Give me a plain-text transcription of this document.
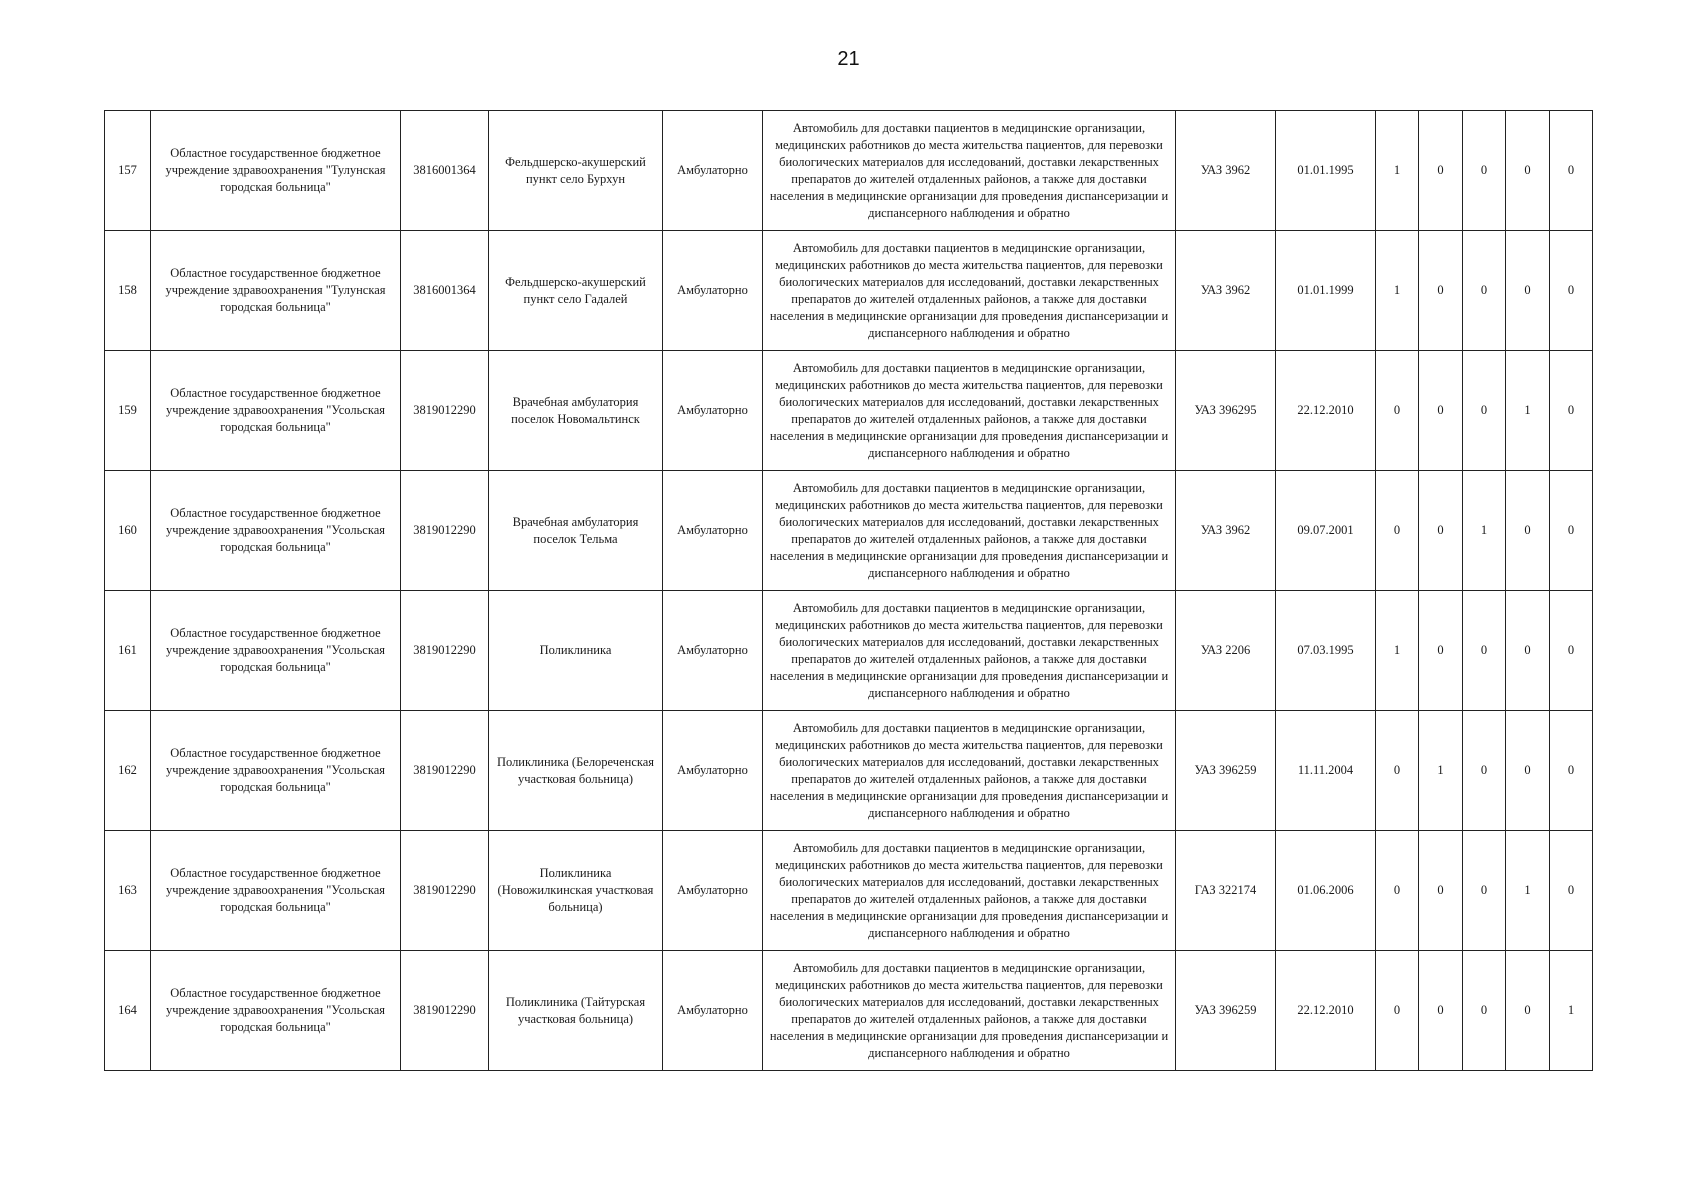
21
157	Областное государственное бюджетное учреждение здравоохранения "Тулунская городская больница"	3816001364	Фельдшерско-акушерский пункт село Бурхун	Амбулаторно	Автомобиль для доставки пациентов в медицинские организации, медицинских работников до места жительства пациентов, для перевозки биологических материалов для исследований, доставки лекарственных препаратов до жителей отдаленных районов, а также для доставки населения в медицинские организации для проведения диспансеризации и диспансерного наблюдения и обратно	УАЗ 3962	01.01.1995	1	0	0	0	0
158	Областное государственное бюджетное учреждение здравоохранения "Тулунская городская больница"	3816001364	Фельдшерско-акушерский пункт село Гадалей	Амбулаторно	Автомобиль для доставки пациентов в медицинские организации, медицинских работников до места жительства пациентов, для перевозки биологических материалов для исследований, доставки лекарственных препаратов до жителей отдаленных районов, а также для доставки населения в медицинские организации для проведения диспансеризации и диспансерного наблюдения и обратно	УАЗ 3962	01.01.1999	1	0	0	0	0
159	Областное государственное бюджетное учреждение здравоохранения "Усольская городская больница"	3819012290	Врачебная амбулатория поселок Новомальтинск	Амбулаторно	Автомобиль для доставки пациентов в медицинские организации, медицинских работников до места жительства пациентов, для перевозки биологических материалов для исследований, доставки лекарственных препаратов до жителей отдаленных районов, а также для доставки населения в медицинские организации для проведения диспансеризации и диспансерного наблюдения и обратно	УАЗ 396295	22.12.2010	0	0	0	1	0
160	Областное государственное бюджетное учреждение здравоохранения "Усольская городская больница"	3819012290	Врачебная амбулатория поселок Тельма	Амбулаторно	Автомобиль для доставки пациентов в медицинские организации, медицинских работников до места жительства пациентов, для перевозки биологических материалов для исследований, доставки лекарственных препаратов до жителей отдаленных районов, а также для доставки населения в медицинские организации для проведения диспансеризации и диспансерного наблюдения и обратно	УАЗ 3962	09.07.2001	0	0	1	0	0
161	Областное государственное бюджетное учреждение здравоохранения "Усольская городская больница"	3819012290	Поликлиника	Амбулаторно	Автомобиль для доставки пациентов в медицинские организации, медицинских работников до места жительства пациентов, для перевозки биологических материалов для исследований, доставки лекарственных препаратов до жителей отдаленных районов, а также для доставки населения в медицинские организации для проведения диспансеризации и диспансерного наблюдения и обратно	УАЗ 2206	07.03.1995	1	0	0	0	0
162	Областное государственное бюджетное учреждение здравоохранения "Усольская городская больница"	3819012290	Поликлиника (Белореченская участковая больница)	Амбулаторно	Автомобиль для доставки пациентов в медицинские организации, медицинских работников до места жительства пациентов, для перевозки биологических материалов для исследований, доставки лекарственных препаратов до жителей отдаленных районов, а также для доставки населения в медицинские организации для проведения диспансеризации и диспансерного наблюдения и обратно	УАЗ 396259	11.11.2004	0	1	0	0	0
163	Областное государственное бюджетное учреждение здравоохранения "Усольская городская больница"	3819012290	Поликлиника (Новожилкинская участковая больница)	Амбулаторно	Автомобиль для доставки пациентов в медицинские организации, медицинских работников до места жительства пациентов, для перевозки биологических материалов для исследований, доставки лекарственных препаратов до жителей отдаленных районов, а также для доставки населения в медицинские организации для проведения диспансеризации и диспансерного наблюдения и обратно	ГАЗ 322174	01.06.2006	0	0	0	1	0
164	Областное государственное бюджетное учреждение здравоохранения "Усольская городская больница"	3819012290	Поликлиника (Тайтурская участковая больница)	Амбулаторно	Автомобиль для доставки пациентов в медицинские организации, медицинских работников до места жительства пациентов, для перевозки биологических материалов для исследований, доставки лекарственных препаратов до жителей отдаленных районов, а также для доставки населения в медицинские организации для проведения диспансеризации и диспансерного наблюдения и обратно	УАЗ 396259	22.12.2010	0	0	0	0	1
